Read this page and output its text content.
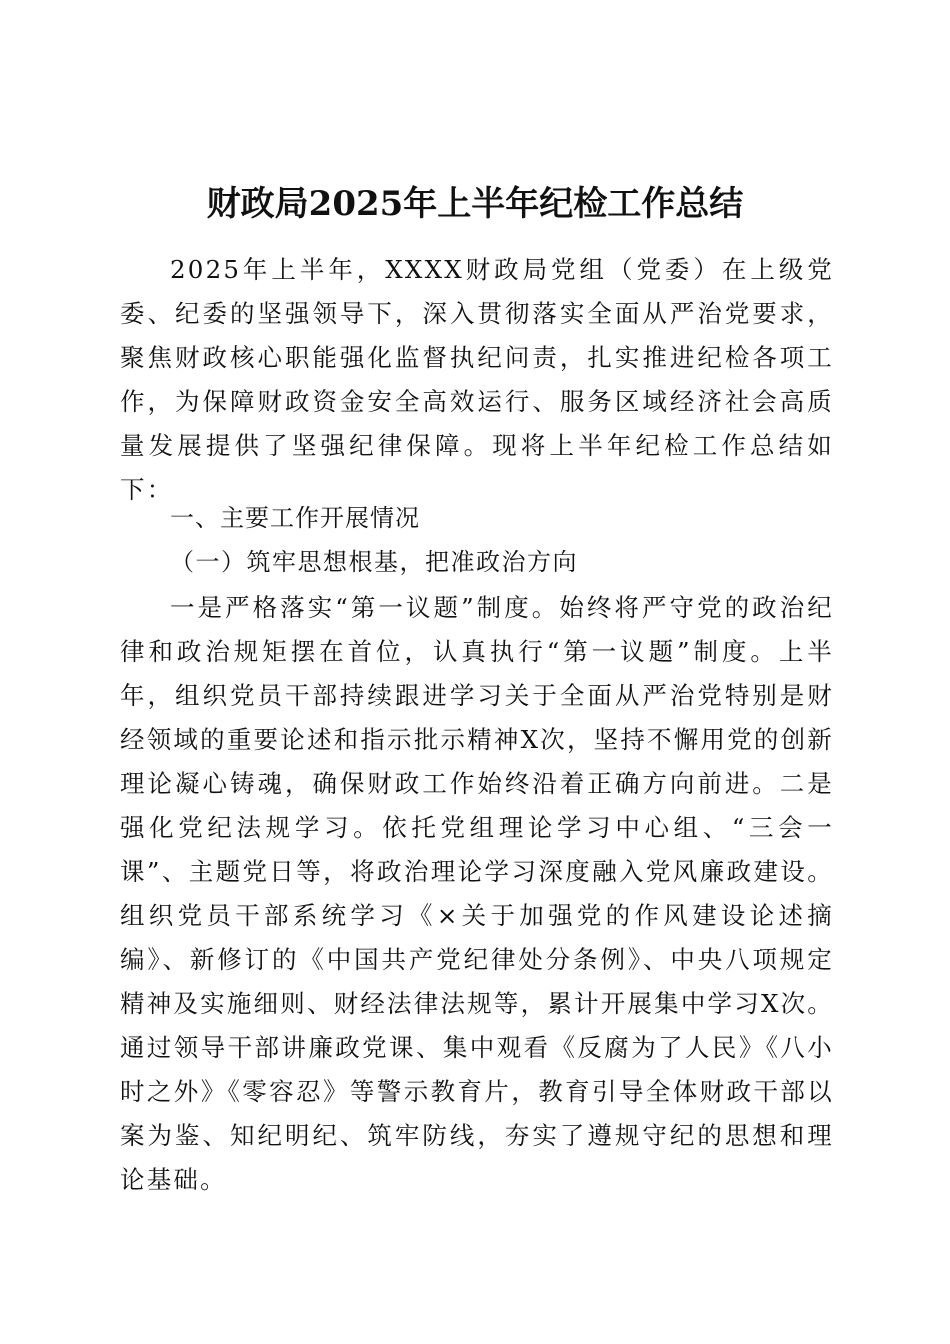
财政局2025年上半年纪检工作总结
2025年上半年，XXXX财政局党组（党委）在上级党委、纪委的坚强领导下，深入贯彻落实全面从严治党要求，聚焦财政核心职能强化监督执纪问责，扎实推进纪检各项工作，为保障财政资金安全高效运行、服务区域经济社会高质量发展提供了坚强纪律保障。现将上半年纪检工作总结如下：
一、主要工作开展情况
（一）筑牢思想根基，把准政治方向
一是严格落实“第一议题”制度。始终将严守党的政治纪律和政治规矩摆在首位，认真执行“第一议题”制度。上半年，组织党员干部持续跟进学习关于全面从严治党特别是财经领域的重要论述和指示批示精神X次，坚持不懈用党的创新理论凝心铸魂，确保财政工作始终沿着正确方向前进。二是强化党纪法规学习。依托党组理论学习中心组、“三会一课”、主题党日等，将政治理论学习深度融入党风廉政建设。组织党员干部系统学习《×关于加强党的作风建设论述摘编》、新修订的《中国共产党纪律处分条例》、中央八项规定精神及实施细则、财经法律法规等，累计开展集中学习X次。通过领导干部讲廉政党课、集中观看《反腐为了人民》《八小时之外》《零容忍》等警示教育片，教育引导全体财政干部以案为鉴、知纪明纪、筑牢防线，夯实了遵规守纪的思想和理论基础。
